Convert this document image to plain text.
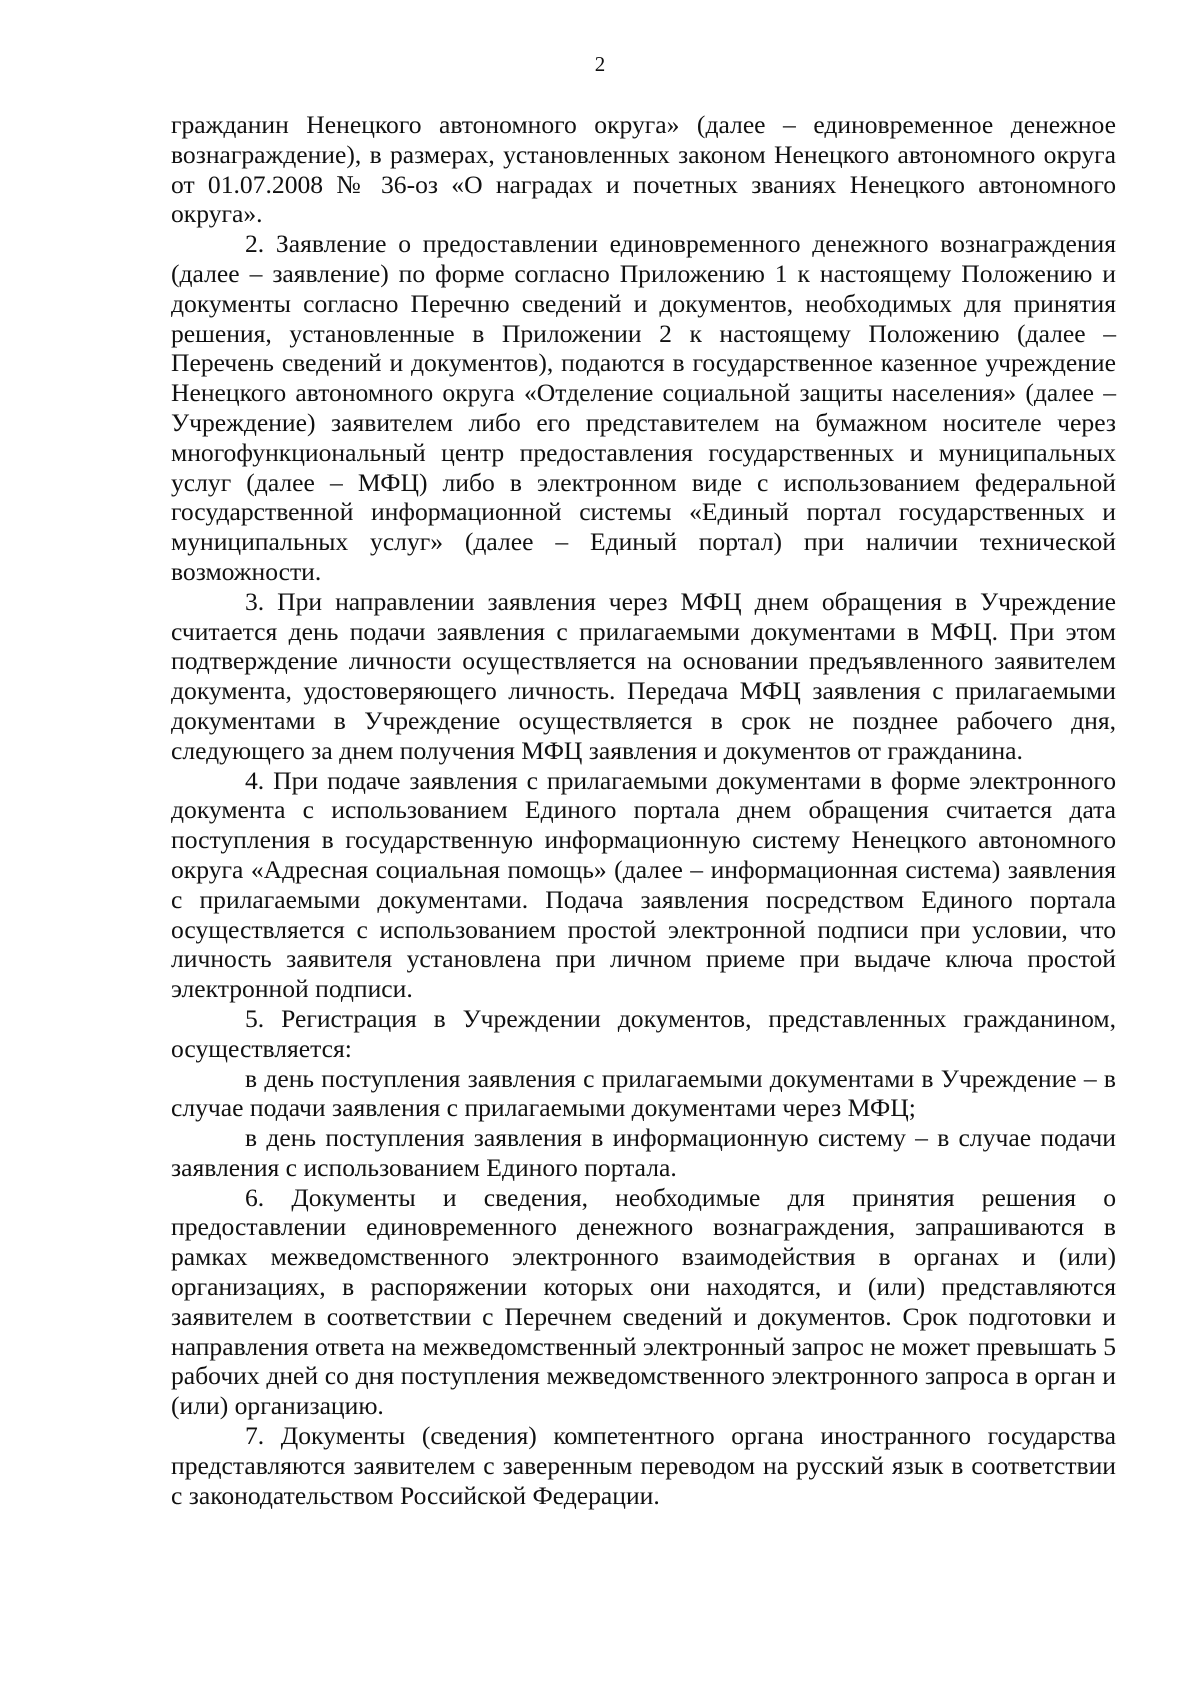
2

гражданин Ненецкого автономного округа» (далее – единовременное денежное вознаграждение), в размерах, установленных законом Ненецкого автономного округа от 01.07.2008 № 36-оз «О наградах и почетных званиях Ненецкого автономного округа».

2. Заявление о предоставлении единовременного денежного вознаграждения (далее – заявление) по форме согласно Приложению 1 к настоящему Положению и документы согласно Перечню сведений и документов, необходимых для принятия решения, установленные в Приложении 2 к настоящему Положению (далее – Перечень сведений и документов), подаются в государственное казенное учреждение Ненецкого автономного округа «Отделение социальной защиты населения» (далее – Учреждение) заявителем либо его представителем на бумажном носителе через многофункциональный центр предоставления государственных и муниципальных услуг (далее – МФЦ) либо в электронном виде с использованием федеральной государственной информационной системы «Единый портал государственных и муниципальных услуг» (далее – Единый портал) при наличии технической возможности.

3. При направлении заявления через МФЦ днем обращения в Учреждение считается день подачи заявления с прилагаемыми документами в МФЦ. При этом подтверждение личности осуществляется на основании предъявленного заявителем документа, удостоверяющего личность. Передача МФЦ заявления с прилагаемыми документами в Учреждение осуществляется в срок не позднее рабочего дня, следующего за днем получения МФЦ заявления и документов от гражданина.

4. При подаче заявления с прилагаемыми документами в форме электронного документа с использованием Единого портала днем обращения считается дата поступления в государственную информационную систему Ненецкого автономного округа «Адресная социальная помощь» (далее – информационная система) заявления с прилагаемыми документами. Подача заявления посредством Единого портала осуществляется с использованием простой электронной подписи при условии, что личность заявителя установлена при личном приеме при выдаче ключа простой электронной подписи.

5. Регистрация в Учреждении документов, представленных гражданином, осуществляется:

в день поступления заявления с прилагаемыми документами в Учреждение – в случае подачи заявления с прилагаемыми документами через МФЦ;

в день поступления заявления в информационную систему – в случае подачи заявления с использованием Единого портала.

6. Документы и сведения, необходимые для принятия решения о предоставлении единовременного денежного вознаграждения, запрашиваются в рамках межведомственного электронного взаимодействия в органах и (или) организациях, в распоряжении которых они находятся, и (или) представляются заявителем в соответствии с Перечнем сведений и документов. Срок подготовки и направления ответа на межведомственный электронный запрос не может превышать 5 рабочих дней со дня поступления межведомственного электронного запроса в орган и (или) организацию.

7. Документы (сведения) компетентного органа иностранного государства представляются заявителем с заверенным переводом на русский язык в соответствии с законодательством Российской Федерации.
